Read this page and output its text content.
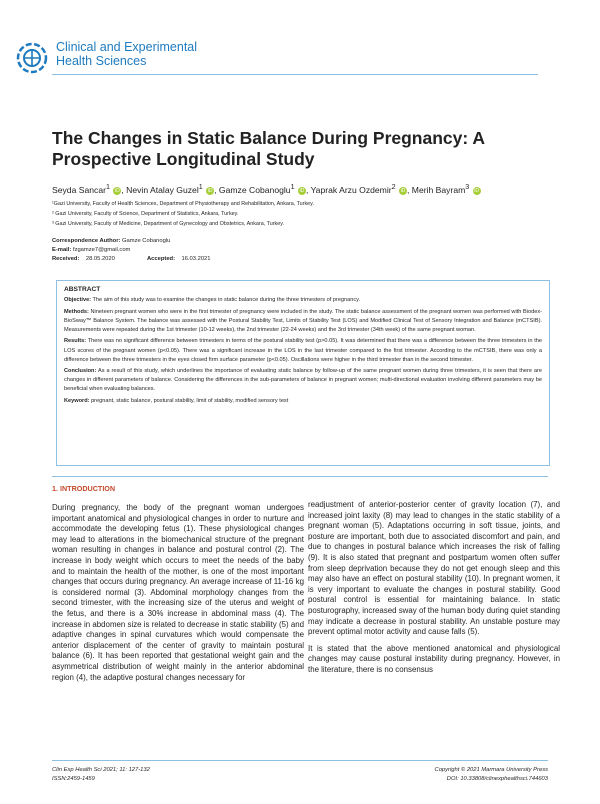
Clinical and Experimental
Health Sciences
The Changes in Static Balance During Pregnancy: A Prospective Longitudinal Study
Seyda Sancar$^1$ iD , Nevin Atalay Guzel$^1$ iD , Gamze Cobanoglu$^1$ iD , Yaprak Arzu Ozdemir$^2$ iD , Merih Bayram$^3$ iD
¹Gazi University, Faculty of Health Sciences, Department of Physiotherapy and Rehabilitation, Ankara, Turkey.
² Gazi University, Faculty of Science, Department of Statistics, Ankara, Turkey.
³ Gazi University, Faculty of Medicine, Department of Gynecology and Obstetrics, Ankara, Turkey.
Correspondence Author: Gamze Cobanoglu
E-mail: fzgamze7@gmail.com
Received: 28.05.2020	Accepted: 16.03.2021
ABSTRACT
Objective: The aim of this study was to examine the changes in static balance during the three trimesters of pregnancy.
Methods: Nineteen pregnant women who were in the first trimester of pregnancy were included in the study. The static balance assessment of the pregnant women was performed with Biodex-BioSway™ Balance System. The balance was assessed with the Postural Stability Test, Limits of Stability Test (LOS) and Modified Clinical Test of Sensory Integration and Balance (mCTSIB). Measurements were repeated during the 1st trimester (10-12 weeks), the 2nd trimester (22-24 weeks) and the 3rd trimester (34th week) of the same pregnant woman.
Results: There was no significant difference between trimesters in terms of the postural stability test (p>0.05). It was determined that there was a difference between the three trimesters in the LOS scores of the pregnant women (p<0.05). There was a significant increase in the LOS in the last trimester compared to the first trimester. According to the mCTSIB, there was only a difference between the three trimesters in the eyes closed firm surface parameter (p<0.05). Oscillations were higher in the third trimester than in the second trimester.
Conclusion: As a result of this study, which underlines the importance of evaluating static balance by follow-up of the same pregnant women during three trimesters, it is seen that there are changes in different parameters of balance. Considering the differences in the sub-parameters of balance in pregnant women; multi-directional evaluation involving different parameters may be beneficial when evaluating balances.
Keyword: pregnant, static balance, postural stability, limit of stability, modified sensory test
1. INTRODUCTION

During pregnancy, the body of the pregnant woman undergoes important anatomical and physiological changes in order to nurture and accommodate the developing fetus (1). These physiological changes may lead to alterations in the biomechanical structure of the pregnant woman resulting in changes in balance and postural control (2). The increase in body weight which occurs to meet the needs of the baby and to maintain the health of the mother, is one of the most important changes that occurs during pregnancy. An average increase of 11-16 kg is considered normal (3). Abdominal morphology changes from the second trimester, with the increasing size of the uterus and weight of the fetus, and there is a 30% increase in abdominal mass (4). The increase in abdomen size is related to decrease in static stability (5) and adaptive changes in spinal curvatures which would compensate the anterior displacement of the center of gravity to maintain postural balance (6). It has been reported that gestational weight gain and the asymmetrical distribution of weight mainly in the anterior abdominal region (4), the adaptive postural changes necessary for

readjustment of anterior-posterior center of gravity location (7), and increased joint laxity (8) may lead to changes in the static stability of a pregnant woman (5). Adaptations occurring in soft tissue, joints, and posture are important, both due to associated discomfort and pain, and due to changes in postural balance which increases the risk of falling (9). It is also stated that pregnant and postpartum women often suffer from sleep deprivation because they do not get enough sleep and this may also have an effect on postural stability (10). In pregnant women, it is very important to evaluate the changes in postural stability. Good postural control is essential for maintaining balance. In static posturography, increased sway of the human body during quiet standing may indicate a decrease in postural stability. An unstable posture may prevent optimal motor activity and cause falls (5).

It is stated that the above mentioned anatomical and physiological changes may cause postural instability during pregnancy. However, in the literature, there is no consensus

Clin Exp Health Sci 2021; 11: 127-132
ISSN:2459-1459
Copyright © 2021 Marmara University Press
DOI: 10.33808/clinexphealthsci.744603
